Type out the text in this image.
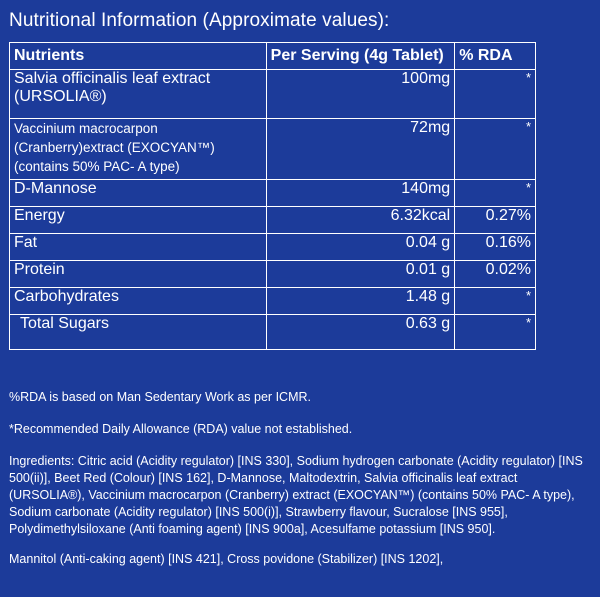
Nutritional Information (Approximate values):
Nutrients	Per Serving (4g Tablet)	% RDA
Salvia officinalis leaf extract (URSOLIA®)	100mg	*
Vaccinium macrocarpon (Cranberry)extract (EXOCYAN™) (contains 50% PAC- A type)	72mg	*
D-Mannose	140mg	*
Energy	6.32kcal	0.27%
Fat	0.04 g	0.16%
Protein	0.01 g	0.02%
Carbohydrates	1.48 g	*
Total Sugars	0.63 g	*

%RDA is based on Man Sedentary Work as per ICMR.

*Recommended Daily Allowance (RDA) value not established.

Ingredients: Citric acid (Acidity regulator) [INS 330], Sodium hydrogen carbonate (Acidity regulator) [INS 500(ii)], Beet Red (Colour) [INS 162], D-Mannose, Maltodextrin, Salvia officinalis leaf extract (URSOLIA®), Vaccinium macrocarpon (Cranberry) extract (EXOCYAN™) (contains 50% PAC- A type), Sodium carbonate (Acidity regulator) [INS 500(i)], Strawberry flavour, Sucralose [INS 955], Polydimethylsiloxane (Anti foaming agent) [INS 900a], Acesulfame potassium [INS 950].

Mannitol (Anti-caking agent) [INS 421], Cross povidone (Stabilizer) [INS 1202],
